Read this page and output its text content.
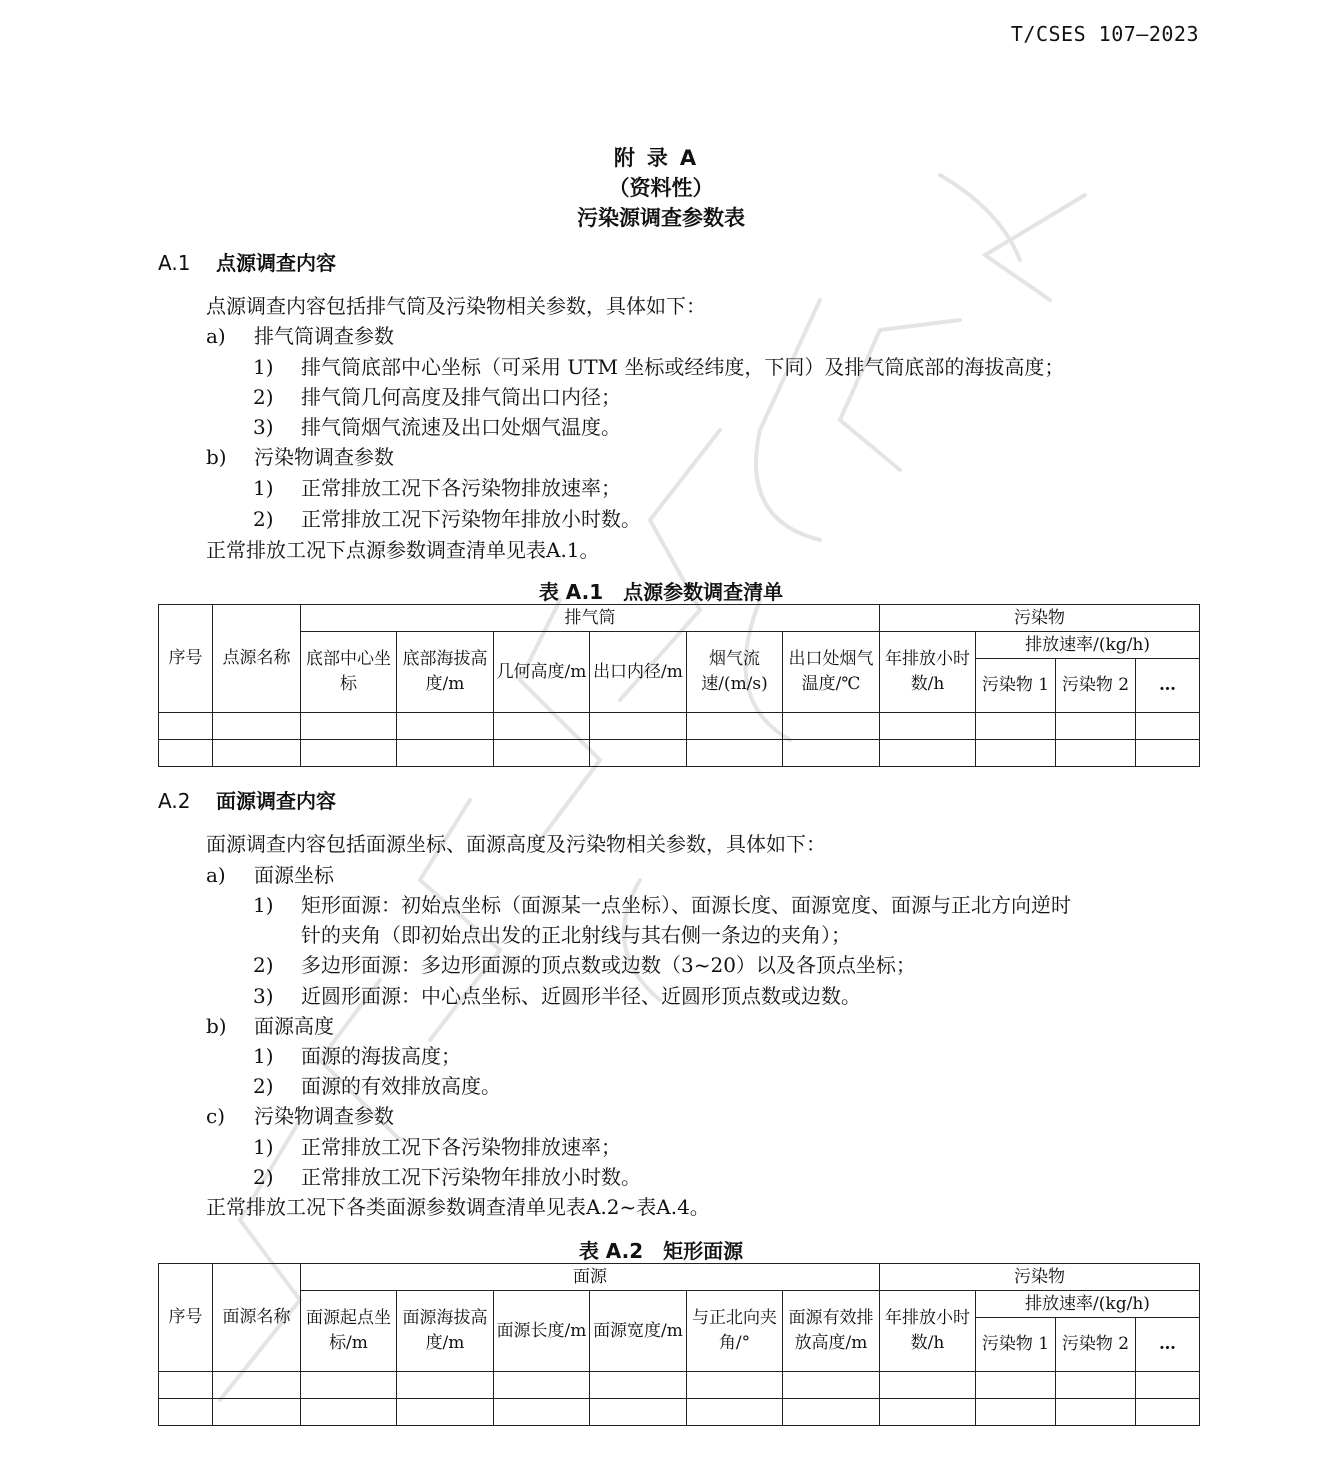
T/CSES 107—2023
附录A
（资料性）
污染源调查参数表
A.1 点源调查内容
点源调查内容包括排气筒及污染物相关参数，具体如下：
a) 排气筒调查参数
1) 排气筒底部中心坐标（可采用 UTM 坐标或经纬度，下同）及排气筒底部的海拔高度；
2) 排气筒几何高度及排气筒出口内径；
3) 排气筒烟气流速及出口处烟气温度。
b) 污染物调查参数
1) 正常排放工况下各污染物排放速率；
2) 正常排放工况下污染物年排放小时数。
正常排放工况下点源参数调查清单见表A.1。
表 A.1　点源参数调查清单
序号	点源名称	排气筒						污染物			
		底部中心坐标	底部海拔高度/m	几何高度/m	出口内径/m	烟气流速/(m/s)	出口处烟气温度/℃	年排放小时数/h	排放速率/(kg/h)		
									污染物 1	污染物 2	…

A.2 面源调查内容
面源调查内容包括面源坐标、面源高度及污染物相关参数，具体如下：
a) 面源坐标
1) 矩形面源：初始点坐标（面源某一点坐标）、面源长度、面源宽度、面源与正北方向逆时
针的夹角（即初始点出发的正北射线与其右侧一条边的夹角）；
2) 多边形面源：多边形面源的顶点数或边数（3~20）以及各顶点坐标；
3) 近圆形面源：中心点坐标、近圆形半径、近圆形顶点数或边数。
b) 面源高度
1) 面源的海拔高度；
2) 面源的有效排放高度。
c) 污染物调查参数
1) 正常排放工况下各污染物排放速率；
2) 正常排放工况下污染物年排放小时数。
正常排放工况下各类面源参数调查清单见表A.2~表A.4。
表 A.2　矩形面源
序号	面源名称	面源						污染物			
		面源起点坐标/m	面源海拔高度/m	面源长度/m	面源宽度/m	与正北向夹角/°	面源有效排放高度/m	年排放小时数/h	排放速率/(kg/h)		
									污染物 1	污染物 2	…
